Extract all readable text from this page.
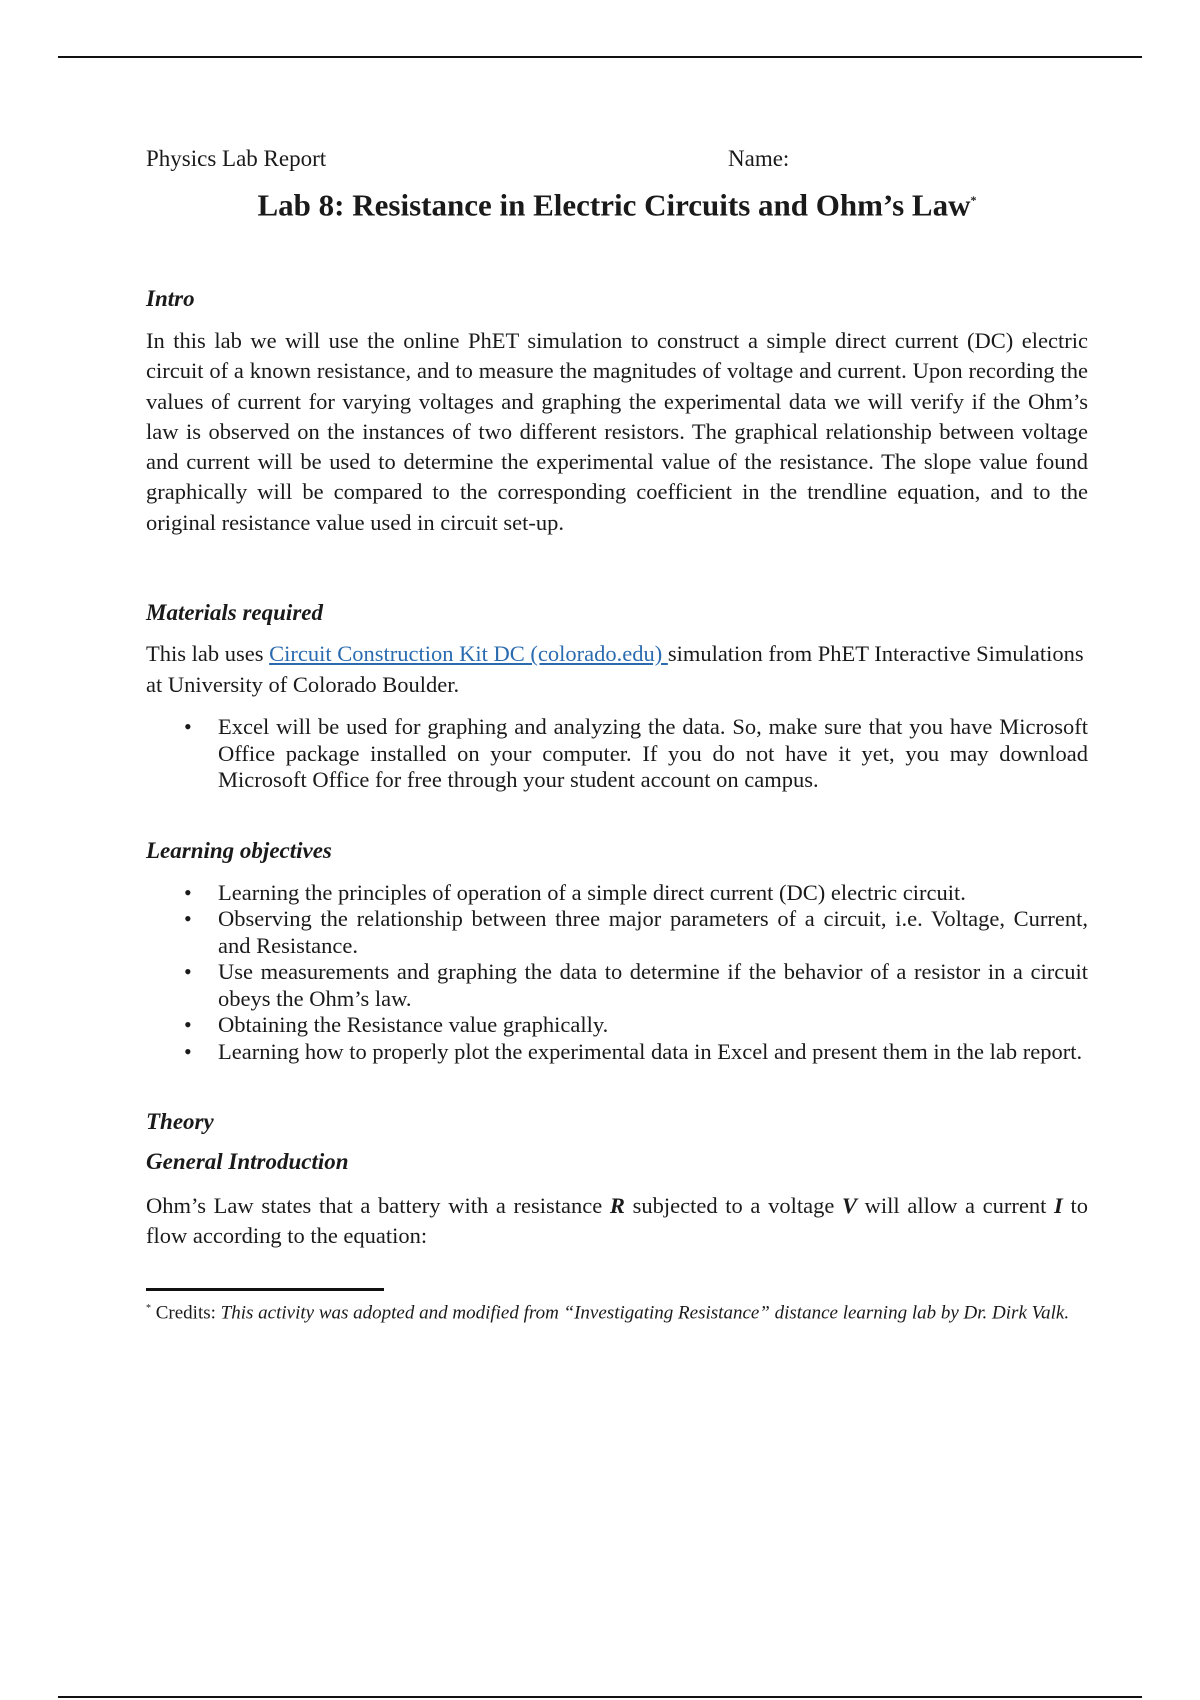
Physics Lab Report	Name:
Lab 8: Resistance in Electric Circuits and Ohm’s Law*
Intro

In this lab we will use the online PhET simulation to construct a simple direct current (DC) electric circuit of a known resistance, and to measure the magnitudes of voltage and current. Upon recording the values of current for varying voltages and graphing the experimental data we will verify if the Ohm’s law is observed on the instances of two different resistors. The graphical relationship between voltage and current will be used to determine the experimental value of the resistance. The slope value found graphically will be compared to the corresponding coefficient in the trendline equation, and to the original resistance value used in circuit set-up.

Materials required

This lab uses Circuit Construction Kit DC (colorado.edu) simulation from PhET Interactive Simulations at University of Colorado Boulder.

• Excel will be used for graphing and analyzing the data. So, make sure that you have Microsoft Office package installed on your computer. If you do not have it yet, you may download Microsoft Office for free through your student account on campus.
Learning objectives
• Learning the principles of operation of a simple direct current (DC) electric circuit.
• Observing the relationship between three major parameters of a circuit, i.e. Voltage, Current, and Resistance.
• Use measurements and graphing the data to determine if the behavior of a resistor in a circuit obeys the Ohm’s law.
• Obtaining the Resistance value graphically.
• Learning how to properly plot the experimental data in Excel and present them in the lab report.
Theory
General Introduction

Ohm’s Law states that a battery with a resistance R subjected to a voltage V will allow a current I to flow according to the equation:

* Credits: This activity was adopted and modified from “Investigating Resistance” distance learning lab by Dr. Dirk Valk.
